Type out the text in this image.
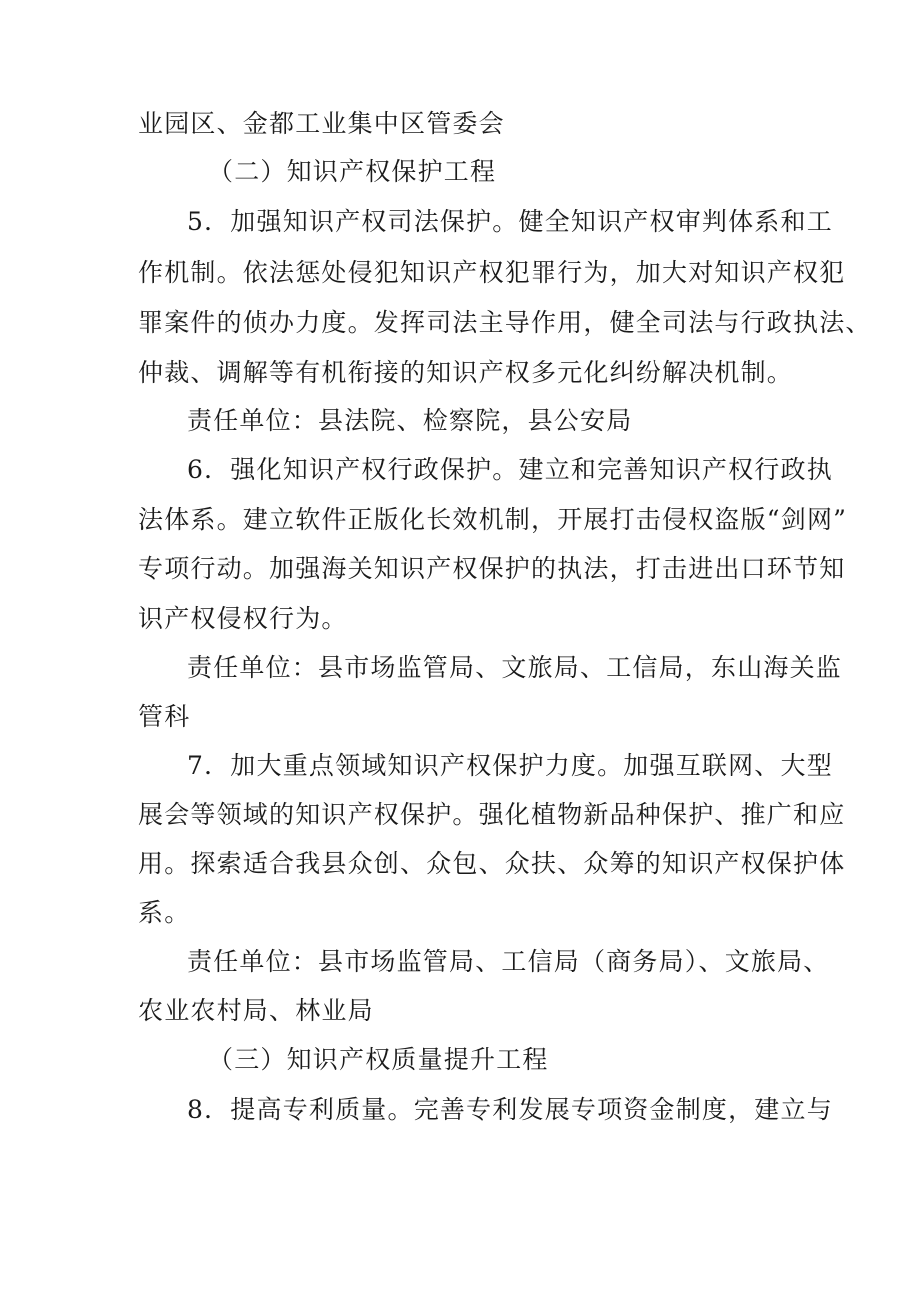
业园区、金都工业集中区管委会
（二）知识产权保护工程
5．加强知识产权司法保护。健全知识产权审判体系和工
作机制。依法惩处侵犯知识产权犯罪行为，加大对知识产权犯
罪案件的侦办力度。发挥司法主导作用，健全司法与行政执法、
仲裁、调解等有机衔接的知识产权多元化纠纷解决机制。
责任单位：县法院、检察院，县公安局
6．强化知识产权行政保护。建立和完善知识产权行政执
法体系。建立软件正版化长效机制，开展打击侵权盗版“剑网”
专项行动。加强海关知识产权保护的执法，打击进出口环节知
识产权侵权行为。
责任单位：县市场监管局、文旅局、工信局，东山海关监
管科
7．加大重点领域知识产权保护力度。加强互联网、大型
展会等领域的知识产权保护。强化植物新品种保护、推广和应
用。探索适合我县众创、众包、众扶、众筹的知识产权保护体
系。
责任单位：县市场监管局、工信局（商务局）、文旅局、
农业农村局、林业局
（三）知识产权质量提升工程
8．提高专利质量。完善专利发展专项资金制度，建立与
